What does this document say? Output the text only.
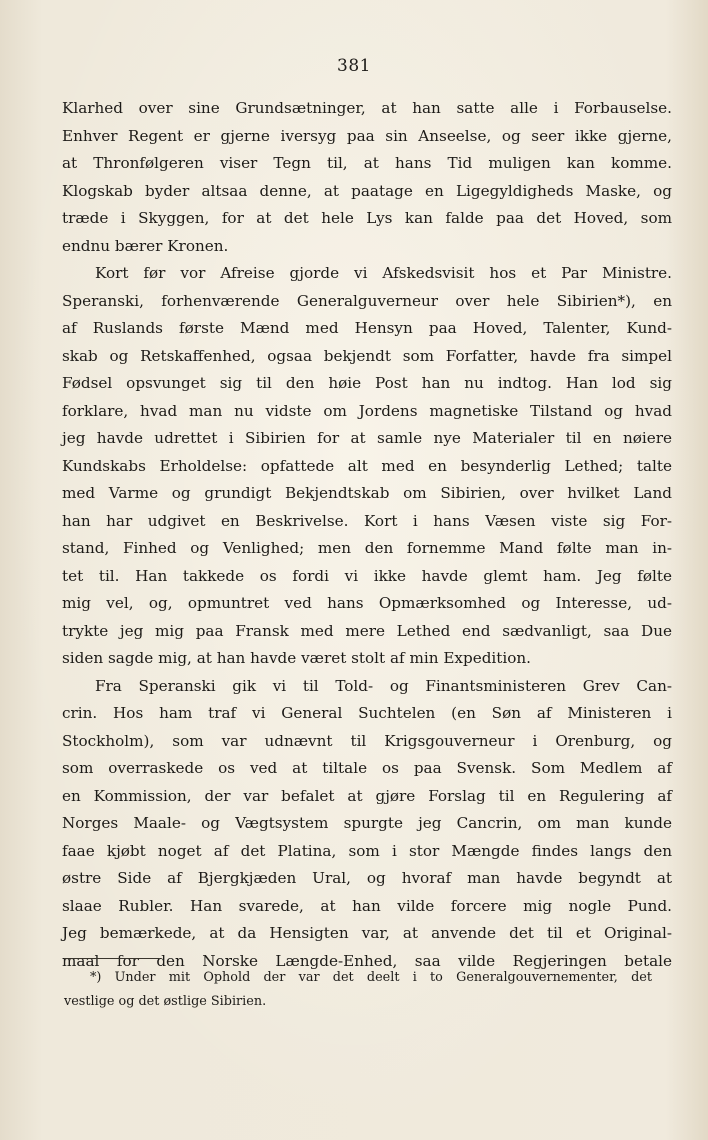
381
Klarhed over sine Grundsætninger, at han satte alle i Forbauselse.
Enhver Regent er gjerne iversyg paa sin Anseelse, og seer ikke gjerne,
at Thronfølgeren viser Tegn til, at hans Tid muligen kan komme.
Klogskab byder altsaa denne, at paatage en Ligegyldigheds Maske, og
træde i Skyggen, for at det hele Lys kan falde paa det Hoved, som
endnu bærer Kronen.
Kort før vor Afreise gjorde vi Afskedsvisit hos et Par Ministre.
Speranski, forhenværende Generalguverneur over hele Sibirien*), en
af Ruslands første Mænd med Hensyn paa Hoved, Talenter, Kund-
skab og Retskaffenhed, ogsaa bekjendt som Forfatter, havde fra simpel
Fødsel opsvunget sig til den høie Post han nu indtog. Han lod sig
forklare, hvad man nu vidste om Jordens magnetiske Tilstand og hvad
jeg havde udrettet i Sibirien for at samle nye Materialer til en nøiere
Kundskabs Erholdelse: opfattede alt med en besynderlig Lethed; talte
med Varme og grundigt Bekjendtskab om Sibirien, over hvilket Land
han har udgivet en Beskrivelse. Kort i hans Væsen viste sig For-
stand, Finhed og Venlighed; men den fornemme Mand følte man in-
tet til. Han takkede os fordi vi ikke havde glemt ham. Jeg følte
mig vel, og, opmuntret ved hans Opmærksomhed og Interesse, ud-
trykte jeg mig paa Fransk med mere Lethed end sædvanligt, saa Due
siden sagde mig, at han havde været stolt af min Expedition.
Fra Speranski gik vi til Told- og Finantsministeren Grev Can-
crin. Hos ham traf vi General Suchtelen (en Søn af Ministeren i
Stockholm), som var udnævnt til Krigsgouverneur i Orenburg, og
som overraskede os ved at tiltale os paa Svensk. Som Medlem af
en Kommission, der var befalet at gjøre Forslag til en Regulering af
Norges Maale- og Vægtsystem spurgte jeg Cancrin, om man kunde
faae kjøbt noget af det Platina, som i stor Mængde findes langs den
østre Side af Bjergkjæden Ural, og hvoraf man havde begyndt at
slaae Rubler. Han svarede, at han vilde forcere mig nogle Pund.
Jeg bemærkede, at da Hensigten var, at anvende det til et Original-
maal for den Norske Længde-Enhed, saa vilde Regjeringen betale
*) Under mit Ophold der var det deelt i to Generalgouvernementer, det
vestlige og det østlige Sibirien.
